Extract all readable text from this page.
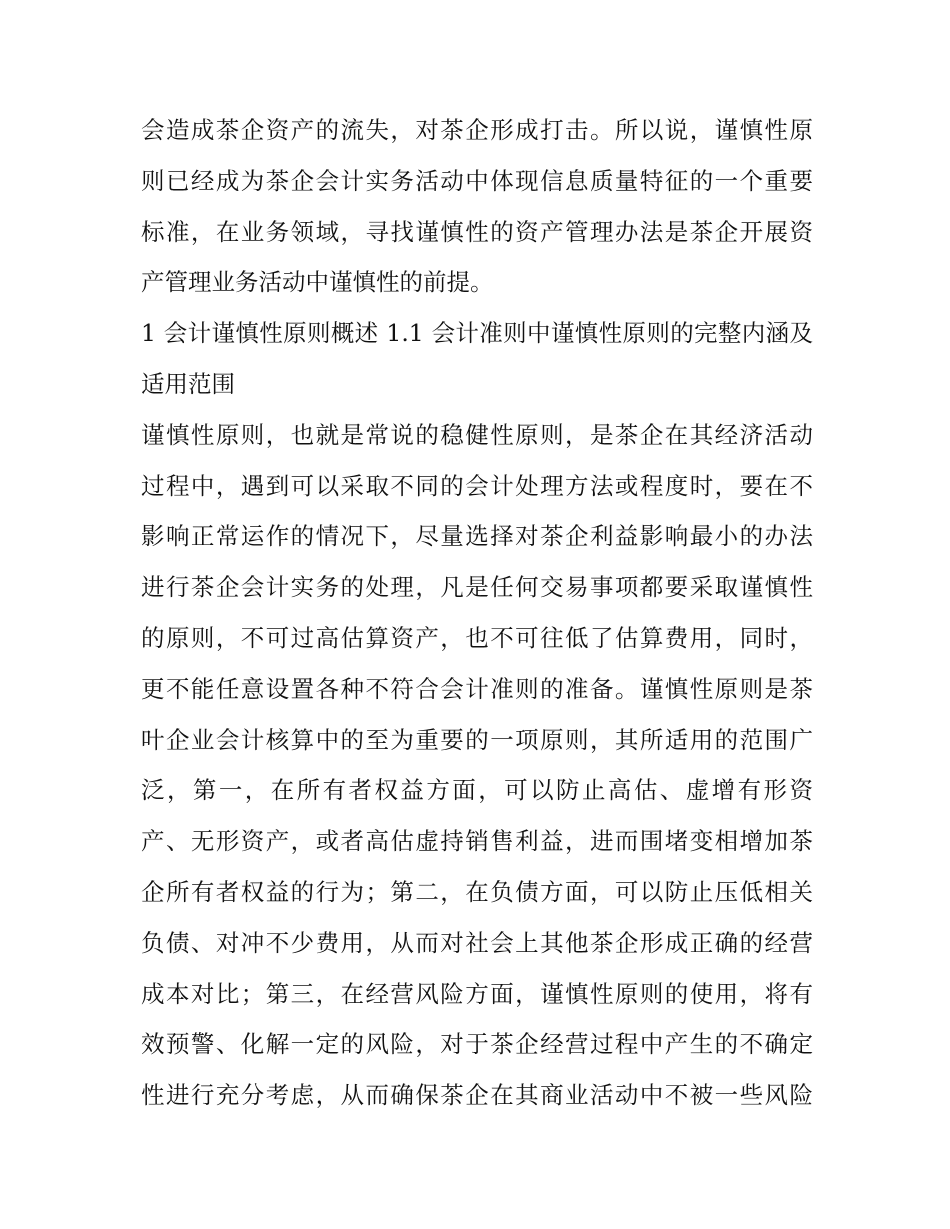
会造成茶企资产的流失，对茶企形成打击。所以说，谨慎性原
则已经成为茶企会计实务活动中体现信息质量特征的一个重要
标准，在业务领域，寻找谨慎性的资产管理办法是茶企开展资
产管理业务活动中谨慎性的前提。
1 会计谨慎性原则概述 1.1 会计准则中谨慎性原则的完整内涵及
适用范围
谨慎性原则，也就是常说的稳健性原则，是茶企在其经济活动
过程中，遇到可以采取不同的会计处理方法或程度时，要在不
影响正常运作的情况下，尽量选择对茶企利益影响最小的办法
进行茶企会计实务的处理，凡是任何交易事项都要采取谨慎性
的原则，不可过高估算资产，也不可往低了估算费用，同时，
更不能任意设置各种不符合会计准则的准备。谨慎性原则是茶
叶企业会计核算中的至为重要的一项原则，其所适用的范围广
泛，第一，在所有者权益方面，可以防止高估、虚增有形资
产、无形资产，或者高估虚持销售利益，进而围堵变相增加茶
企所有者权益的行为；第二，在负债方面，可以防止压低相关
负债、对冲不少费用，从而对社会上其他茶企形成正确的经营
成本对比；第三，在经营风险方面，谨慎性原则的使用，将有
效预警、化解一定的风险，对于茶企经营过程中产生的不确定
性进行充分考虑，从而确保茶企在其商业活动中不被一些风险
